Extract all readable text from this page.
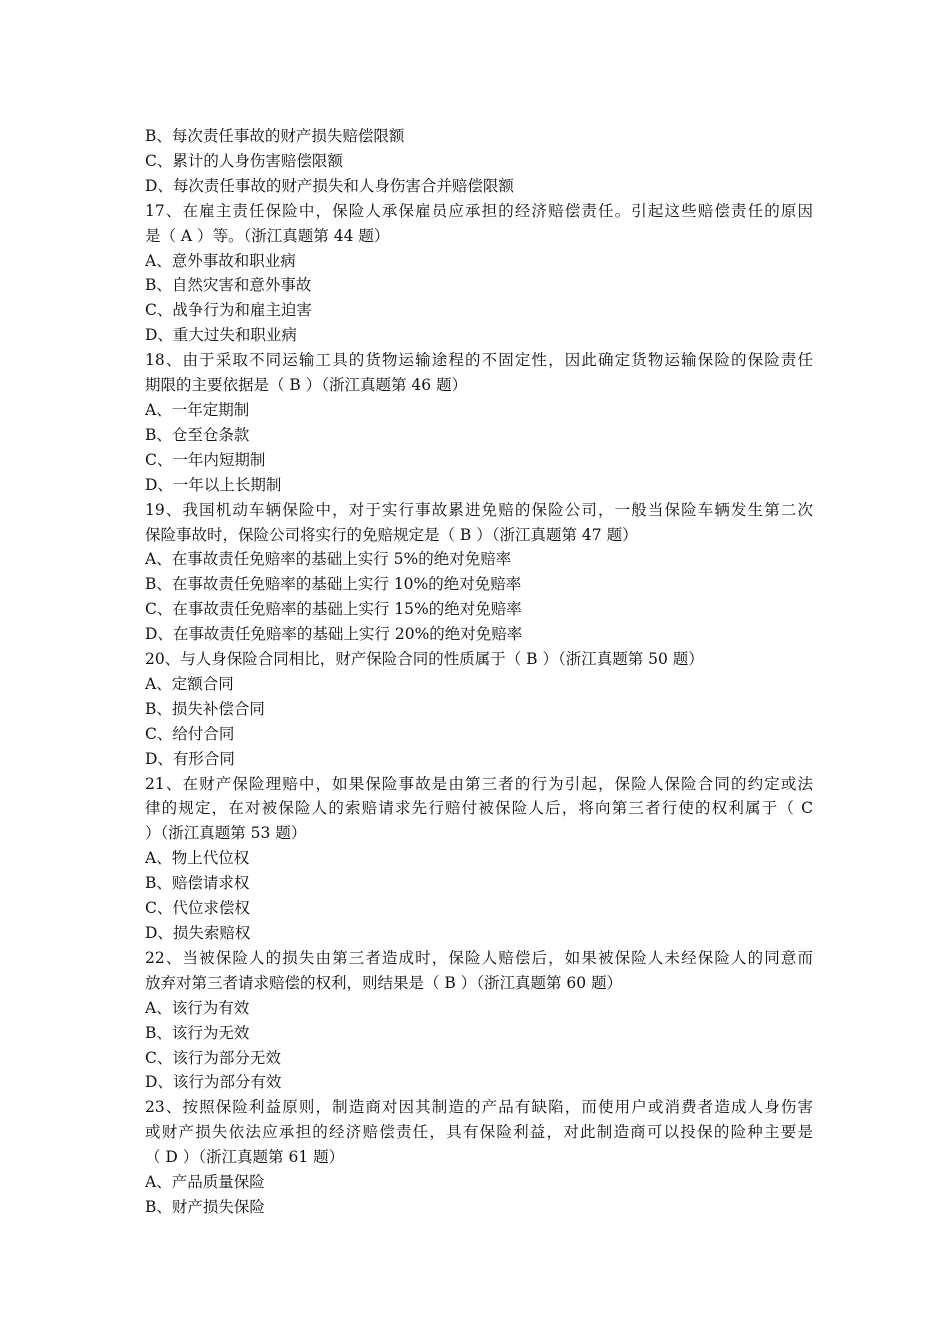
B、每次责任事故的财产损失赔偿限额
C、累计的人身伤害赔偿限额
D、每次责任事故的财产损失和人身伤害合并赔偿限额
17、在雇主责任保险中，保险人承保雇员应承担的经济赔偿责任。引起这些赔偿责任的原因
是（ A ）等。（浙江真题第 44 题）
A、意外事故和职业病
B、自然灾害和意外事故
C、战争行为和雇主迫害
D、重大过失和职业病
18、由于采取不同运输工具的货物运输途程的不固定性，因此确定货物运输保险的保险责任
期限的主要依据是（ B ）（浙江真题第 46 题）
A、一年定期制
B、仓至仓条款
C、一年内短期制
D、一年以上长期制
19、我国机动车辆保险中，对于实行事故累进免赔的保险公司，一般当保险车辆发生第二次
保险事故时，保险公司将实行的免赔规定是（ B ）（浙江真题第 47 题）
A、在事故责任免赔率的基础上实行 5%的绝对免赔率
B、在事故责任免赔率的基础上实行 10%的绝对免赔率
C、在事故责任免赔率的基础上实行 15%的绝对免赔率
D、在事故责任免赔率的基础上实行 20%的绝对免赔率
20、与人身保险合同相比，财产保险合同的性质属于（ B ）（浙江真题第 50 题）
A、定额合同
B、损失补偿合同
C、给付合同
D、有形合同
21、在财产保险理赔中，如果保险事故是由第三者的行为引起，保险人保险合同的约定或法
律的规定，在对被保险人的索赔请求先行赔付被保险人后，将向第三者行使的权利属于（ C
）（浙江真题第 53 题）
A、物上代位权
B、赔偿请求权
C、代位求偿权
D、损失索赔权
22、当被保险人的损失由第三者造成时，保险人赔偿后，如果被保险人未经保险人的同意而
放弃对第三者请求赔偿的权利，则结果是（ B ）（浙江真题第 60 题）
A、该行为有效
B、该行为无效
C、该行为部分无效
D、该行为部分有效
23、按照保险利益原则，制造商对因其制造的产品有缺陷，而使用户或消费者造成人身伤害
或财产损失依法应承担的经济赔偿责任，具有保险利益，对此制造商可以投保的险种主要是
（ D ）（浙江真题第 61 题）
A、产品质量保险
B、财产损失保险
